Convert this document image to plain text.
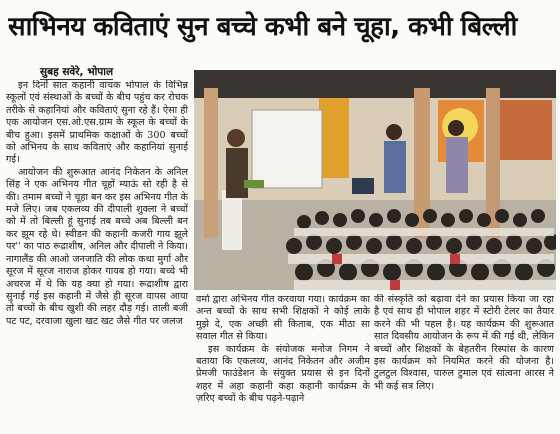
साभिनय कविताएं सुन बच्चे कभी बने चूहा, कभी बिल्ली
सुबह सवेरे, भोपाल

इन दिनों सात कहानी वाचक भोपाल के विभिन्न स्कूलों एवं संस्थाओं के बच्चों के बीच पहुंच कर रोचक तरीके से कहानियां और कविताएं सुना रहे हैं। ऐसा ही एक आयोजन एस.ओ.एस.ग्राम के स्कूल के बच्चों के बीच हुआ। इसमें प्राथमिक कक्षाओं के 300 बच्चों को अभिनय के साथ कविताएं और कहानियां सुनाई गई।

आयोजन की शुरूआत आनंद निकेतन के अनिल सिंह ने एक अभिनय गीत चूहों म्याऊं सो रही है से की। तमाम बच्चों ने चूहा बन कर इस अभिनय गीत के मजे लिए। जब एकलव्य की दीपाली शुक्ला ने बच्चों को में तो बिल्ली हूं सुनाई तब बच्चे अब बिल्ली बन कर झूम रहे थे। स्वीडन की कहानी कजरी गाय झूले पर'' का पाठ रूद्राशीष, अनिल और दीपाली ने किया। नागालैंड की आओ जनजाति की लोक कथा मुर्गा और सूरज में सूरज नाराज होकर गायब हो गया। बच्चे भी अचरज में थे कि यह क्या हो गया। रूद्राशीष द्वारा सुनाई गई इस कहानी में जैसे ही सूरज वापस आया तो बच्चों के बीच खुशी की लहर दौड़ गई। ताली बजी पट पट, दरवाजा खुला खट खट जैसे गीत पर जलज

वर्मा द्वारा अभिनय गीत करवाया गया। कार्यक्रम का अन्त बच्चों के साथ सभी शिक्षकों ने कोई लाके मुझे दे, एक अच्छी सी किताब, एक मीठा सा सवाल गीत से किया।

इस कार्यक्रम के संयोजक मनोज निगम ने बताया कि एकलव्य, आनंद निकेतन और अजीम प्रेमजी फाउंडेशन के संयुक्त प्रयास से इन दिनों शहर में अहा कहानी कहा कहानी कार्यक्रम के ज़रिए बच्चों के बीच पढ़ने-पढ़ाने

की संस्कृति को बढ़ावा देने का प्रयास किया जा रहा है एवं साथ ही भोपाल शहर में स्टोरी टेलर का तैयार करने की भी पहल है। यह कार्यक्रम की शुरूआत सात दिवसीय आयोजन के रूप में की गई थी, लेकिन बच्चों और शिक्षकों के बेहतरीन रिस्पांस के कारण इस कार्यक्रम को नियमित करने की योजना है। टुलटुल विश्वास, पारुल टुमाल एवं सांत्वना आरस ने भी कई सत्र लिए।
